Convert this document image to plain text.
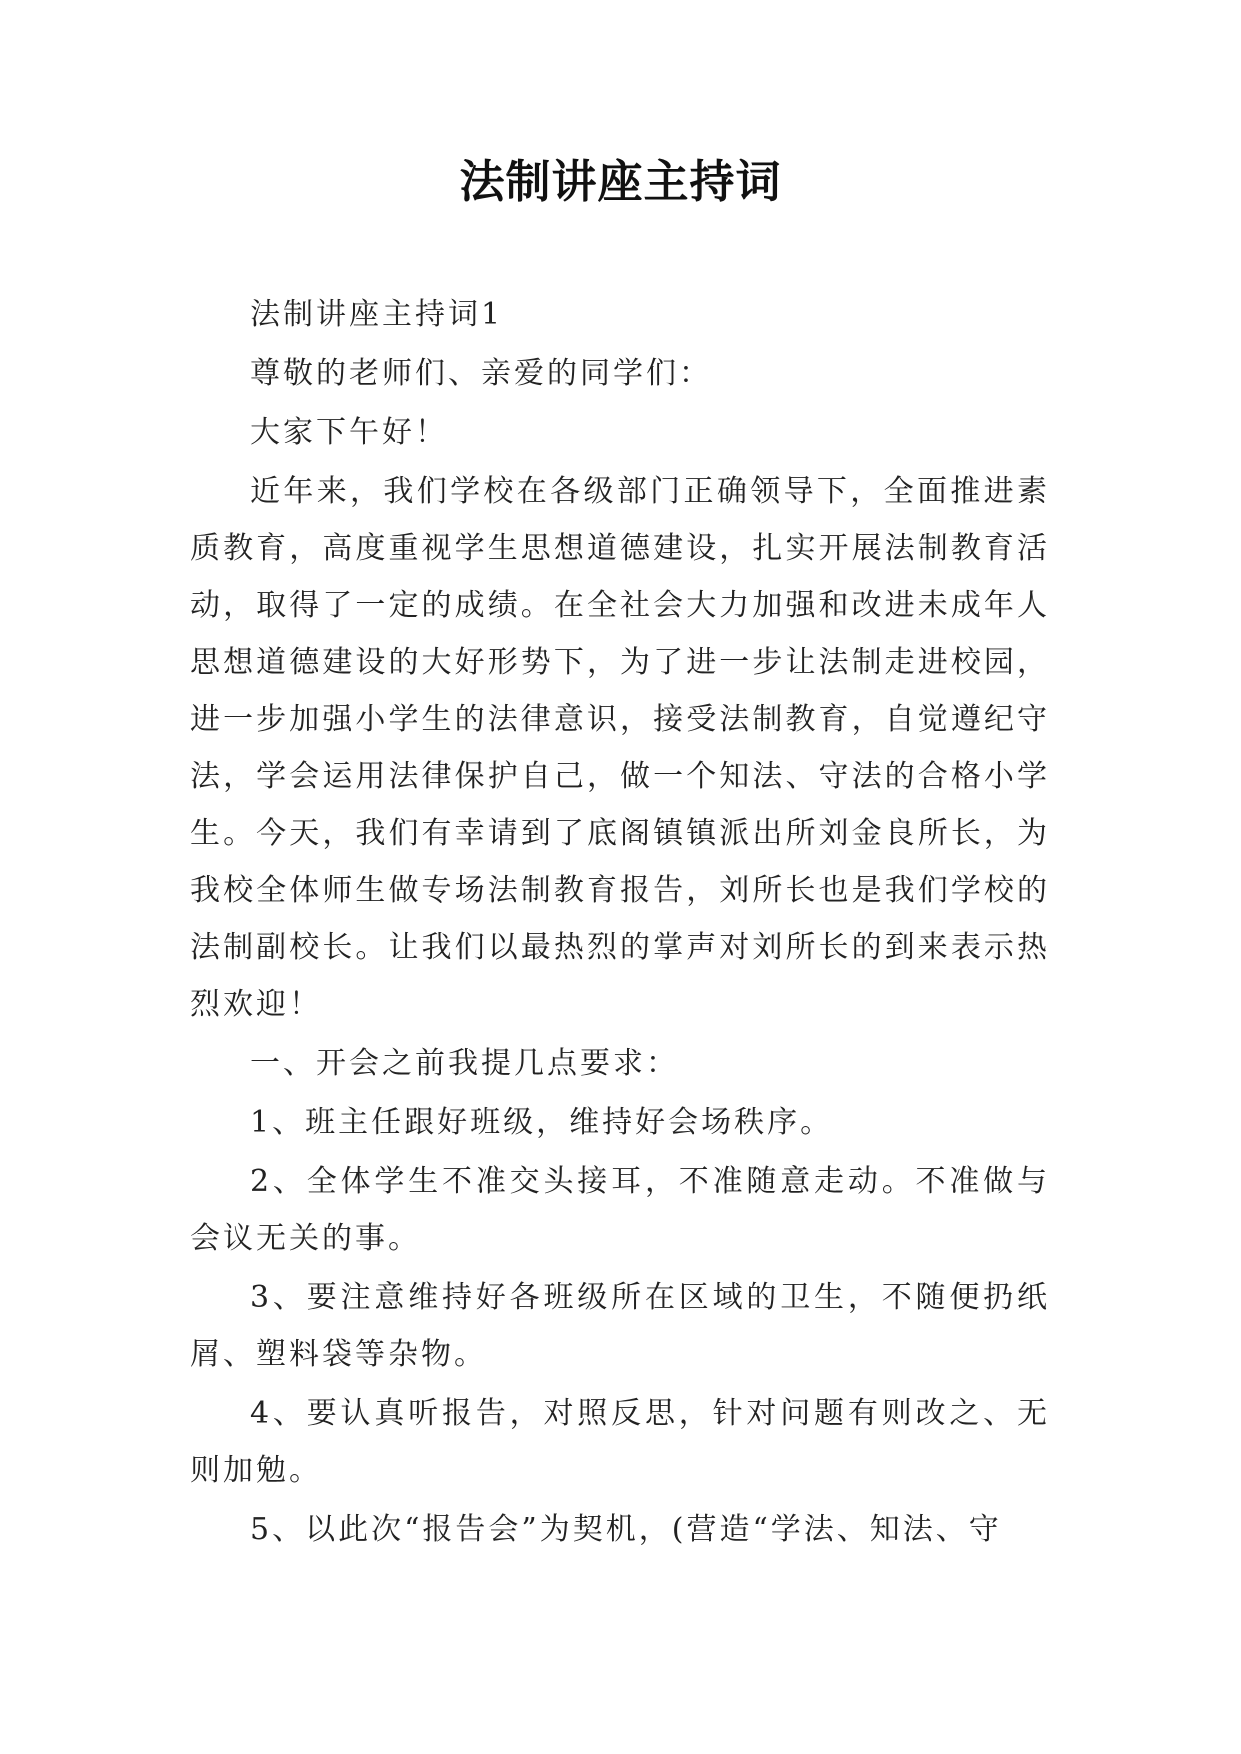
法制讲座主持词

法制讲座主持词1

尊敬的老师们、亲爱的同学们：

大家下午好！

近年来，我们学校在各级部门正确领导下，全面推进素质教育，高度重视学生思想道德建设，扎实开展法制教育活动，取得了一定的成绩。在全社会大力加强和改进未成年人思想道德建设的大好形势下，为了进一步让法制走进校园，进一步加强小学生的法律意识，接受法制教育，自觉遵纪守法，学会运用法律保护自己，做一个知法、守法的合格小学生。今天，我们有幸请到了底阁镇镇派出所刘金良所长，为我校全体师生做专场法制教育报告，刘所长也是我们学校的法制副校长。让我们以最热烈的掌声对刘所长的到来表示热烈欢迎！

一、开会之前我提几点要求：

1、班主任跟好班级，维持好会场秩序。

2、全体学生不准交头接耳，不准随意走动。不准做与会议无关的事。

3、要注意维持好各班级所在区域的卫生，不随便扔纸屑、塑料袋等杂物。

4、要认真听报告，对照反思，针对问题有则改之、无则加勉。

5、以此次“报告会”为契机，(营造“学法、知法、守
